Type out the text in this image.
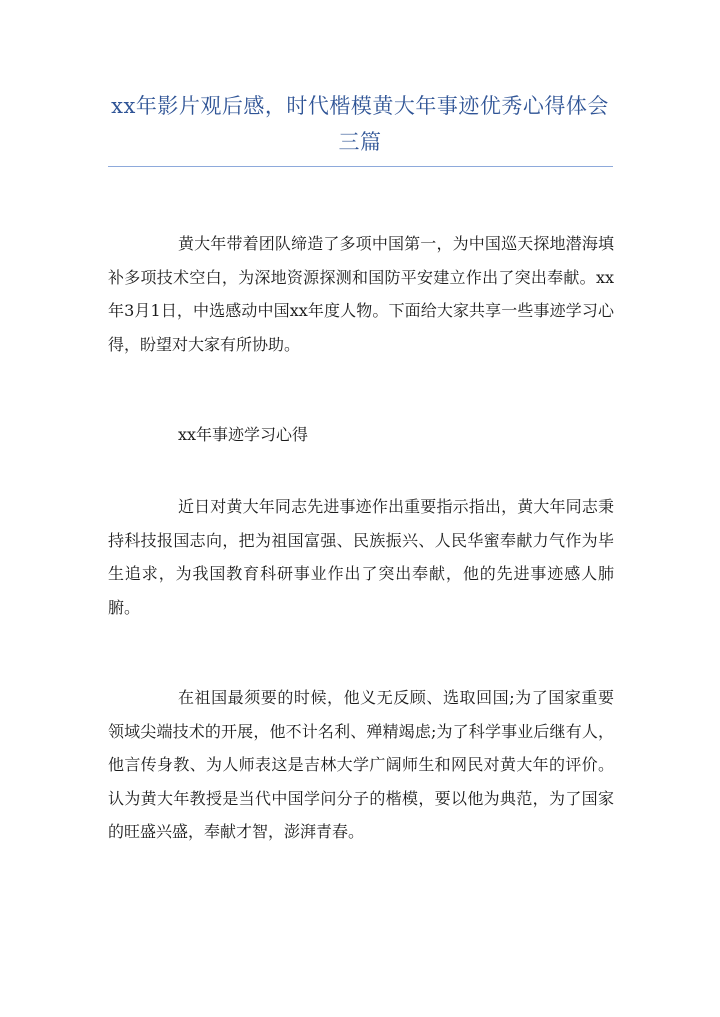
xx年影片观后感，时代楷模黄大年事迹优秀心得体会三篇

黄大年带着团队缔造了多项中国第一，为中国巡天探地潜海填补多项技术空白，为深地资源探测和国防平安建立作出了突出奉献。xx年3月1日，中选感动中国xx年度人物。下面给大家共享一些事迹学习心得，盼望对大家有所协助。

xx年事迹学习心得

近日对黄大年同志先进事迹作出重要指示指出，黄大年同志秉持科技报国志向，把为祖国富强、民族振兴、人民华蜜奉献力气作为毕生追求，为我国教育科研事业作出了突出奉献，他的先进事迹感人肺腑。

在祖国最须要的时候，他义无反顾、选取回国;为了国家重要领域尖端技术的开展，他不计名利、殚精竭虑;为了科学事业后继有人，他言传身教、为人师表这是吉林大学广阔师生和网民对黄大年的评价。认为黄大年教授是当代中国学问分子的楷模，要以他为典范，为了国家的旺盛兴盛，奉献才智，澎湃青春。
